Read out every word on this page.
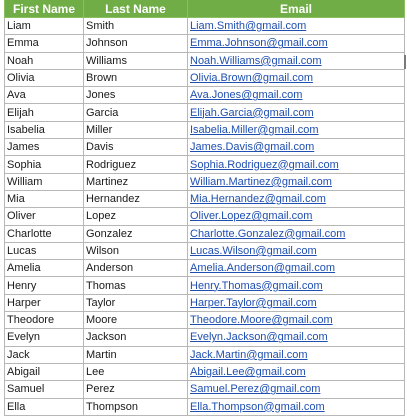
First Name	Last Name	Email
Liam	Smith	Liam.Smith@gmail.com
Emma	Johnson	Emma.Johnson@gmail.com
Noah	Williams	Noah.Williams@gmail.com
Olivia	Brown	Olivia.Brown@gmail.com
Ava	Jones	Ava.Jones@gmail.com
Elijah	Garcia	Elijah.Garcia@gmail.com
Isabelia	Miller	Isabelia.Miller@gmail.com
James	Davis	James.Davis@gmail.com
Sophia	Rodriguez	Sophia.Rodriguez@gmail.com
William	Martinez	William.Martinez@gmail.com
Mia	Hernandez	Mia.Hernandez@gmail.com
Oliver	Lopez	Oliver.Lopez@gmail.com
Charlotte	Gonzalez	Charlotte.Gonzalez@gmail.com
Lucas	Wilson	Lucas.Wilson@gmail.com
Amelia	Anderson	Amelia.Anderson@gmail.com
Henry	Thomas	Henry.Thomas@gmail.com
Harper	Taylor	Harper.Taylor@gmail.com
Theodore	Moore	Theodore.Moore@gmail.com
Evelyn	Jackson	Evelyn.Jackson@gmail.com
Jack	Martin	Jack.Martin@gmail.com
Abigail	Lee	Abigail.Lee@gmail.com
Samuel	Perez	Samuel.Perez@gmail.com
Ella	Thompson	Ella.Thompson@gmail.com
